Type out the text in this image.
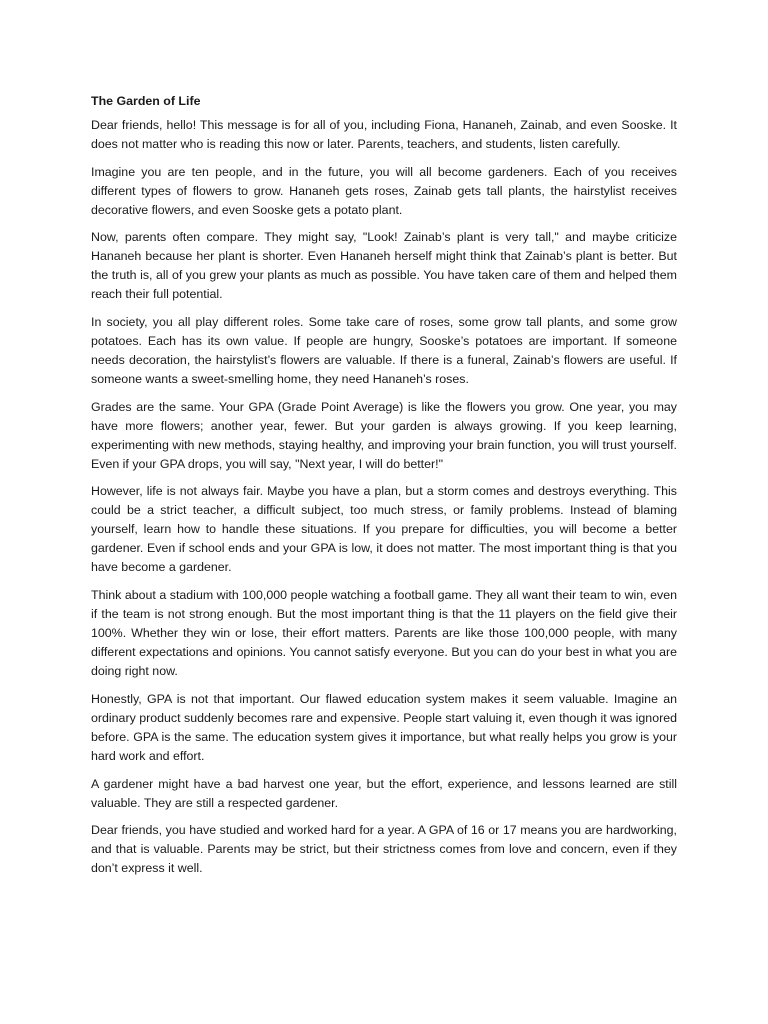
The Garden of Life

Dear friends, hello! This message is for all of you, including Fiona, Hananeh, Zainab, and even Sooske. It does not matter who is reading this now or later. Parents, teachers, and students, listen carefully.

Imagine you are ten people, and in the future, you will all become gardeners. Each of you receives different types of flowers to grow. Hananeh gets roses, Zainab gets tall plants, the hairstylist receives decorative flowers, and even Sooske gets a potato plant.

Now, parents often compare. They might say, "Look! Zainab’s plant is very tall," and maybe criticize Hananeh because her plant is shorter. Even Hananeh herself might think that Zainab’s plant is better. But the truth is, all of you grew your plants as much as possible. You have taken care of them and helped them reach their full potential.

In society, you all play different roles. Some take care of roses, some grow tall plants, and some grow potatoes. Each has its own value. If people are hungry, Sooske’s potatoes are important. If someone needs decoration, the hairstylist’s flowers are valuable. If there is a funeral, Zainab’s flowers are useful. If someone wants a sweet-smelling home, they need Hananeh’s roses.

Grades are the same. Your GPA (Grade Point Average) is like the flowers you grow. One year, you may have more flowers; another year, fewer. But your garden is always growing. If you keep learning, experimenting with new methods, staying healthy, and improving your brain function, you will trust yourself. Even if your GPA drops, you will say, "Next year, I will do better!"

However, life is not always fair. Maybe you have a plan, but a storm comes and destroys everything. This could be a strict teacher, a difficult subject, too much stress, or family problems. Instead of blaming yourself, learn how to handle these situations. If you prepare for difficulties, you will become a better gardener. Even if school ends and your GPA is low, it does not matter. The most important thing is that you have become a gardener.

Think about a stadium with 100,000 people watching a football game. They all want their team to win, even if the team is not strong enough. But the most important thing is that the 11 players on the field give their 100%. Whether they win or lose, their effort matters. Parents are like those 100,000 people, with many different expectations and opinions. You cannot satisfy everyone. But you can do your best in what you are doing right now.

Honestly, GPA is not that important. Our flawed education system makes it seem valuable. Imagine an ordinary product suddenly becomes rare and expensive. People start valuing it, even though it was ignored before. GPA is the same. The education system gives it importance, but what really helps you grow is your hard work and effort.

A gardener might have a bad harvest one year, but the effort, experience, and lessons learned are still valuable. They are still a respected gardener.

Dear friends, you have studied and worked hard for a year. A GPA of 16 or 17 means you are hardworking, and that is valuable. Parents may be strict, but their strictness comes from love and concern, even if they don’t express it well.
